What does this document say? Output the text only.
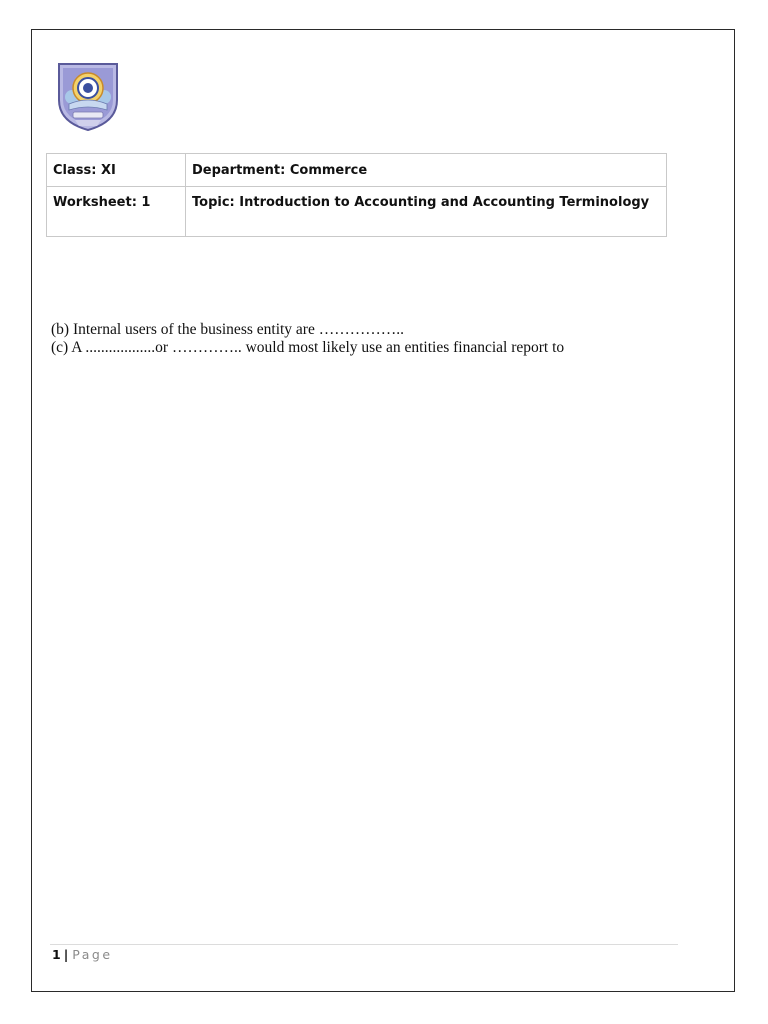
Class: XI	Department: Commerce
Worksheet: 1	Topic: Introduction to Accounting and Accounting Terminology

(b) Internal users of the business entity are ……………..

(c) A ..................or ………….. would most likely use an entities financial report to

1 | Page
